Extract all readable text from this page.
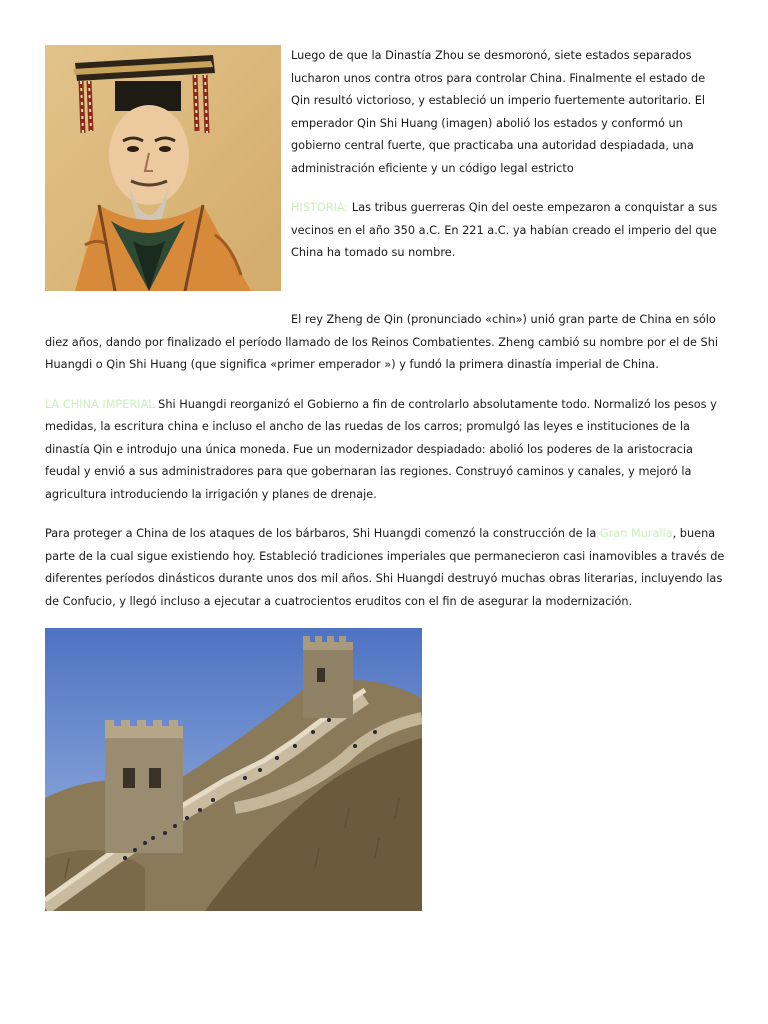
Luego de que la Dinastía Zhou se desmoronó, siete estados separados lucharon unos contra otros para controlar China. Finalmente el estado de Qin resultó victorioso, y estableció un imperio fuertemente autoritario. El emperador Qin Shi Huang (imagen) abolió los estados y conformó un gobierno central fuerte, que practicaba una autoridad despiadada, una administración eficiente y un código legal estricto

HISTORIA: Las tribus guerreras Qin del oeste empezaron a conquistar a sus vecinos en el año 350 a.C. En 221 a.C. ya habían creado el imperio del que China ha tomado su nombre.

El rey Zheng de Qin (pronunciado «chin») unió gran parte de China en sólo diez años, dando por finalizado el período llamado de los Reinos Combatientes. Zheng cambió su nombre por el de Shi Huangdi o Qin Shi Huang (que significa «primer emperador ») y fundó la primera dinastía imperial de China.

LA CHINA IMPERIAL Shi Huangdi reorganizó el Gobierno a fin de controlarlo absolutamente todo. Normalizó los pesos y medidas, la escritura china e incluso el ancho de las ruedas de los carros; promulgó las leyes e instituciones de la dinastía Qin e introdujo una única moneda. Fue un modernizador despiadado: abolió los poderes de la aristocracia feudal y envió a sus administradores para que gobernaran las regiones. Construyó caminos y canales, y mejoró la agricultura introduciendo la irrigación y planes de drenaje.

Para proteger a China de los ataques de los bárbaros, Shi Huangdi comenzó la construcción de la Gran Muralla, buena parte de la cual sigue existiendo hoy. Estableció tradiciones imperiales que permanecieron casi inamovibles a través de diferentes períodos dinásticos durante unos dos mil años. Shi Huangdi destruyó muchas obras literarias, incluyendo las de Confucio, y llegó incluso a ejecutar a cuatrocientos eruditos con el fin de asegurar la modernización.
